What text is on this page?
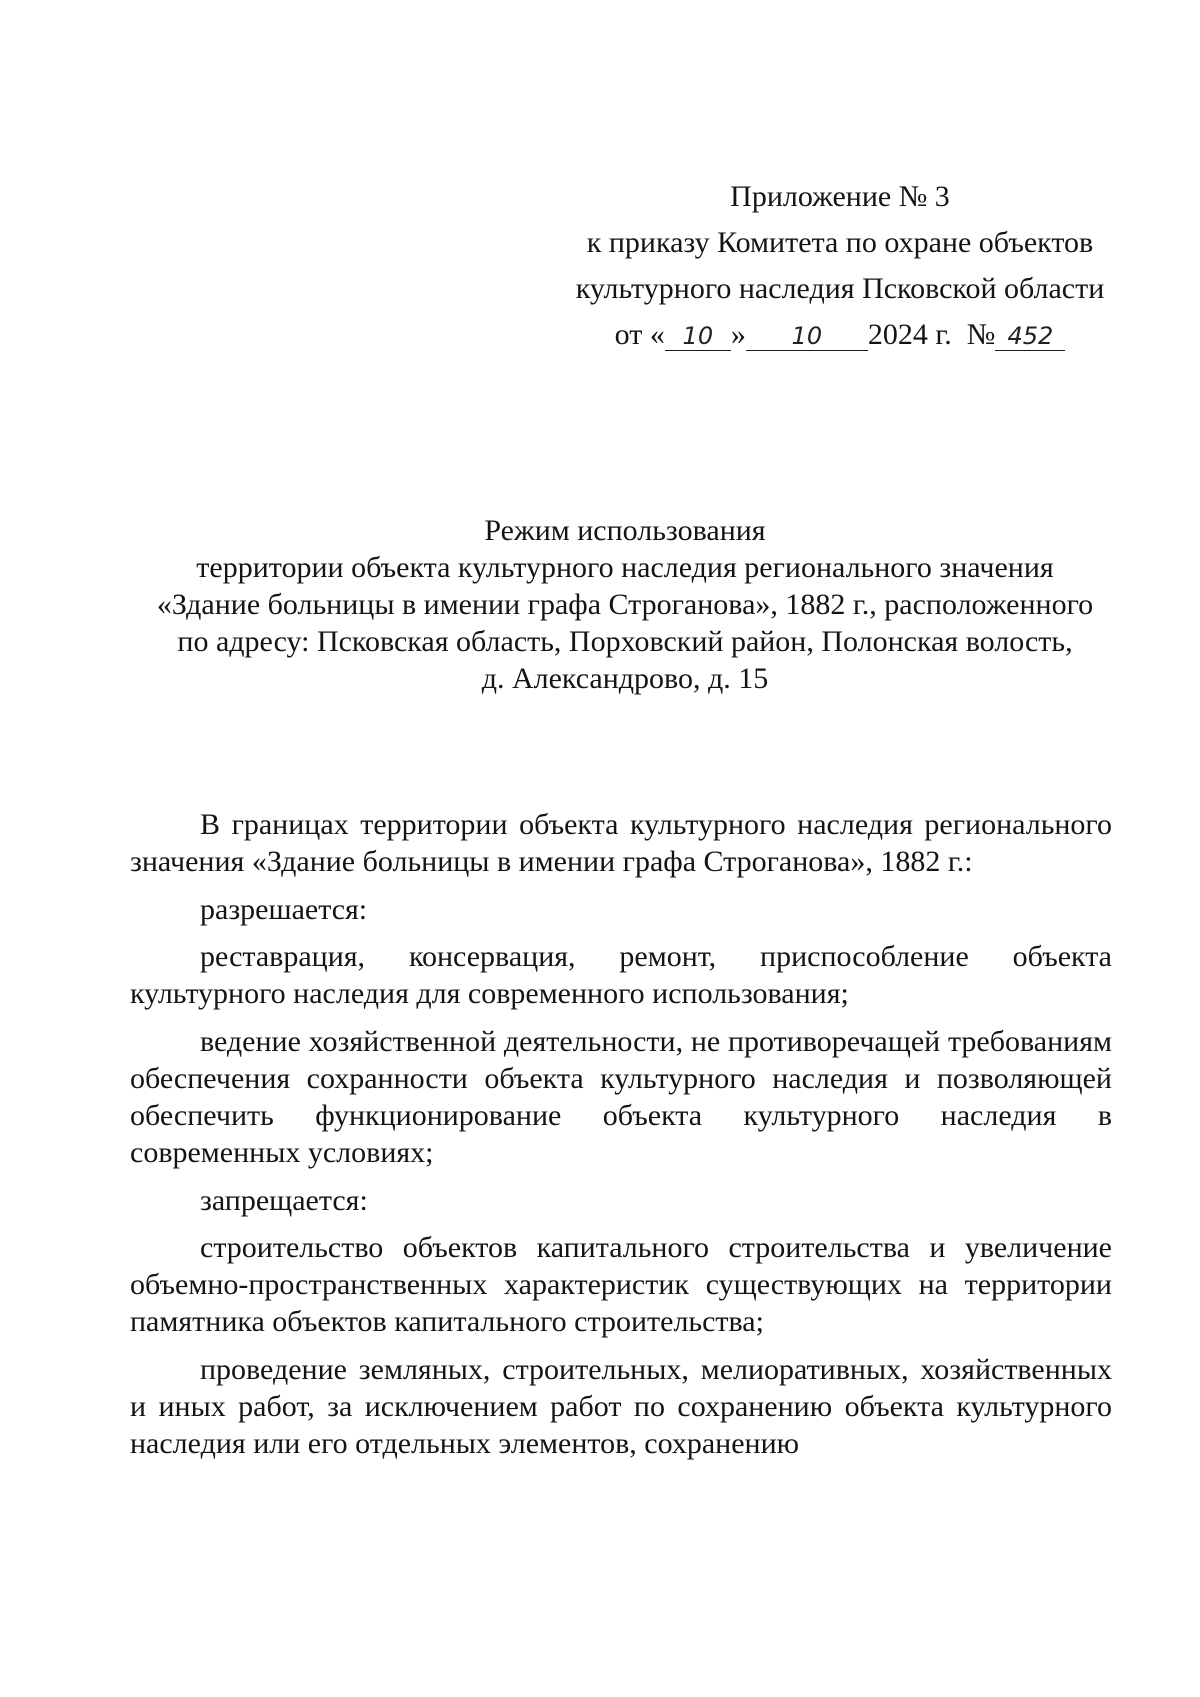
Приложение № 3
к приказу Комитета по охране объектов
культурного наследия Псковской области
от « 10 » 10 2024 г. № 452
Режим использования
территории объекта культурного наследия регионального значения
«Здание больницы в имении графа Строганова», 1882 г., расположенного
по адресу: Псковская область, Порховский район, Полонская волость,
д. Александрово, д. 15

В границах территории объекта культурного наследия регионального значения «Здание больницы в имении графа Строганова», 1882 г.:

разрешается:

реставрация, консервация, ремонт, приспособление объекта культурного наследия для современного использования;

ведение хозяйственной деятельности, не противоречащей требованиям обеспечения сохранности объекта культурного наследия и позволяющей обеспечить функционирование объекта культурного наследия в современных условиях;

запрещается:

строительство объектов капитального строительства и увеличение объемно-пространственных характеристик существующих на территории памятника объектов капитального строительства;

проведение земляных, строительных, мелиоративных, хозяйственных и иных работ, за исключением работ по сохранению объекта культурного наследия или его отдельных элементов, сохранению
